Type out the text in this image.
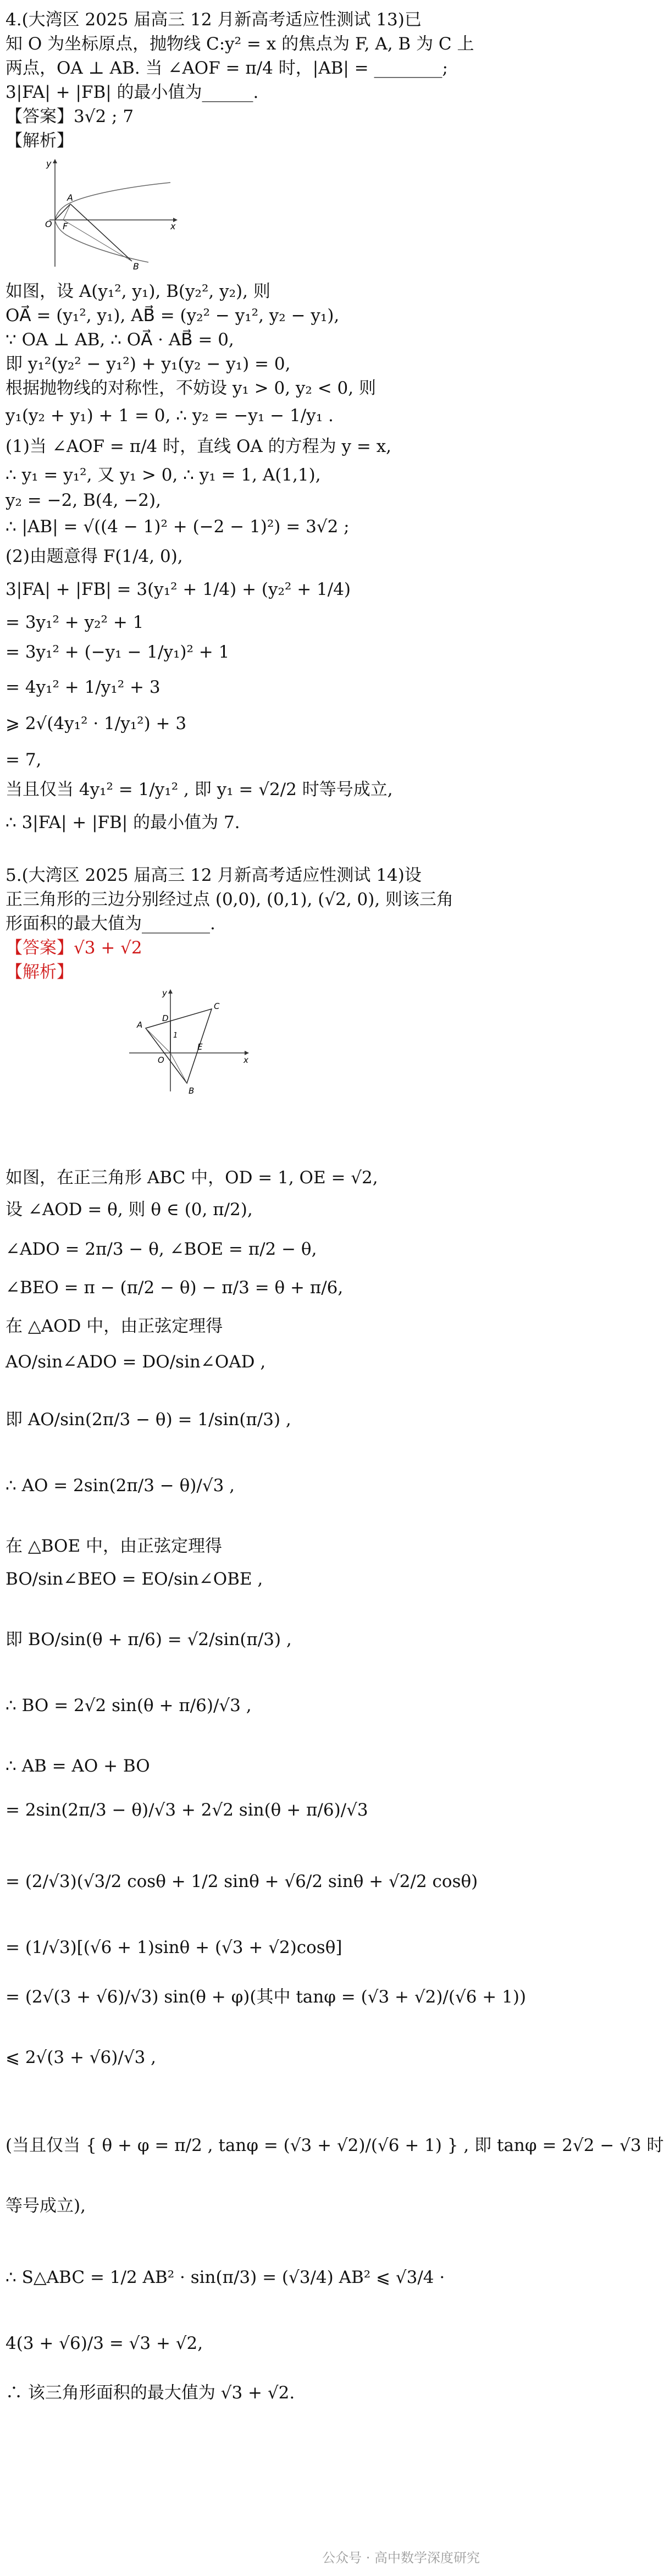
4.(大湾区 2025 届高三 12 月新高考适应性测试 13)已
知 O 为坐标原点，抛物线 C:y² = x 的焦点为 F, A, B 为 C 上
两点，OA ⊥ AB. 当 ∠AOF = π/4 时，|AB| = ________;
3|FA| + |FB| 的最小值为______.
【答案】3√2 ; 7
【解析】
y
x
O F
A
B
如图，设 A(y₁², y₁), B(y₂², y₂), 则
OA⃗ = (y₁², y₁), AB⃗ = (y₂² − y₁², y₂ − y₁),
∵ OA ⊥ AB, ∴ OA⃗ · AB⃗ = 0,
即 y₁²(y₂² − y₁²) + y₁(y₂ − y₁) = 0,
根据抛物线的对称性，不妨设 y₁ > 0, y₂ < 0, 则
y₁(y₂ + y₁) + 1 = 0, ∴ y₂ = −y₁ − 1/y₁ .
(1)当 ∠AOF = π/4 时，直线 OA 的方程为 y = x,
∴ y₁ = y₁², 又 y₁ > 0, ∴ y₁ = 1, A(1,1),
y₂ = −2, B(4, −2),
∴ |AB| = √((4 − 1)² + (−2 − 1)²) = 3√2 ;
(2)由题意得 F(1/4, 0),
3|FA| + |FB| = 3(y₁² + 1/4) + (y₂² + 1/4)
= 3y₁² + y₂² + 1
= 3y₁² + (−y₁ − 1/y₁)² + 1
= 4y₁² + 1/y₁² + 3
⩾ 2√(4y₁² · 1/y₁²) + 3
= 7,
当且仅当 4y₁² = 1/y₁² , 即 y₁ = √2/2 时等号成立,
∴ 3|FA| + |FB| 的最小值为 7.
5.(大湾区 2025 届高三 12 月新高考适应性测试 14)设
正三角形的三边分别经过点 (0,0), (0,1), (√2, 0), 则该三角
形面积的最大值为________.
【答案】√3 + √2
【解析】
y
x
O
A
B
C
D
E
1
如图，在正三角形 ABC 中，OD = 1, OE = √2,
设 ∠AOD = θ, 则 θ ∈ (0, π/2),
∠ADO = 2π/3 − θ, ∠BOE = π/2 − θ,
∠BEO = π − (π/2 − θ) − π/3 = θ + π/6,
在 △AOD 中，由正弦定理得
AO/sin∠ADO = DO/sin∠OAD ,
即 AO/sin(2π/3 − θ) = 1/sin(π/3) ,
∴ AO = 2sin(2π/3 − θ)/√3 ,
在 △BOE 中，由正弦定理得
BO/sin∠BEO = EO/sin∠OBE ,
即 BO/sin(θ + π/6) = √2/sin(π/3) ,
∴ BO = 2√2 sin(θ + π/6)/√3 ,
∴ AB = AO + BO
= 2sin(2π/3 − θ)/√3 + 2√2 sin(θ + π/6)/√3
= (2/√3)(√3/2 cosθ + 1/2 sinθ + √6/2 sinθ + √2/2 cosθ)
= (1/√3)[(√6 + 1)sinθ + (√3 + √2)cosθ]
= (2√(3 + √6)/√3) sin(θ + φ)(其中 tanφ = (√3 + √2)/(√6 + 1))
⩽ 2√(3 + √6)/√3 ,
(当且仅当 { θ + φ = π/2 , tanφ = (√3 + √2)/(√6 + 1) } , 即 tanφ = 2√2 − √3 时
等号成立),
∴ S△ABC = 1/2 AB² · sin(π/3) = (√3/4) AB² ⩽ √3/4 ·
4(3 + √6)/3 = √3 + √2,
∴ 该三角形面积的最大值为 √3 + √2.
公众号 · 高中数学深度研究
